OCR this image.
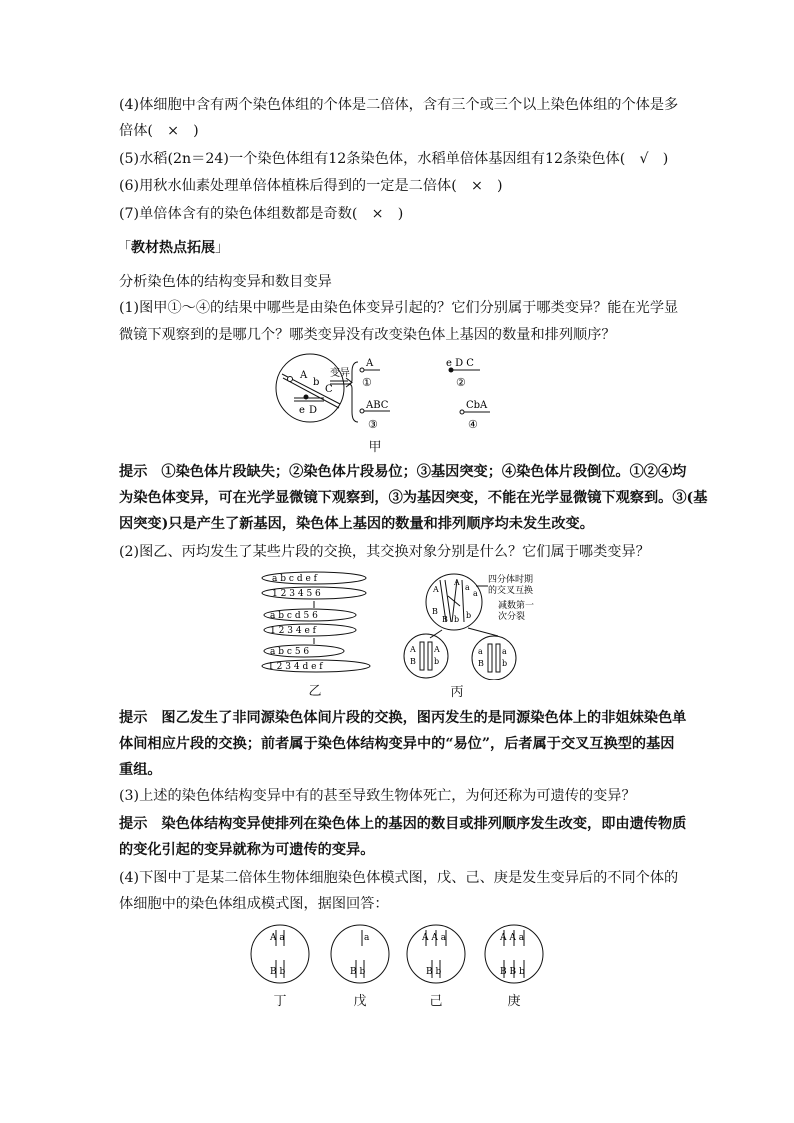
(4)体细胞中含有两个染色体组的个体是二倍体，含有三个或三个以上染色体组的个体是多
倍体(　×　)
(5)水稻(2n＝24)一个染色体组有12条染色体，水稻单倍体基因组有12条染色体(　√　)
(6)用秋水仙素处理单倍体植株后得到的一定是二倍体(　×　)
(7)单倍体含有的染色体组数都是奇数(　×　)
「教材热点拓展」
分析染色体的结构变异和数目变异
(1)图甲①～④的结果中哪些是由染色体变异引起的？它们分别属于哪类变异？能在光学显
微镜下观察到的是哪几个？哪类变异没有改变染色体上基因的数量和排列顺序？
A
b
C
e D
变异
A
①
e D C
②
ABC
③
CbA
④
甲
提示 ①染色体片段缺失；②染色体片段易位；③基因突变；④染色体片段倒位。①②④均
为染色体变异，可在光学显微镜下观察到，③为基因突变，不能在光学显微镜下观察到。③(基
因突变)只是产生了新基因，染色体上基因的数量和排列顺序均未发生改变。
(2)图乙、丙均发生了某些片段的交换，其交换对象分别是什么？它们属于哪类变异？
a b c d e f
1 2 3 4 5 6
a b c d 5 6
1 2 3 4 e f
a b c 5 6
1 2 3 4 d e f
乙
A
A
a
a
B
B b b
四分体时期
的交叉互换
减数第一
次分裂
A
B
A
b
a
B
a
b
丙
提示 图乙发生了非同源染色体间片段的交换，图丙发生的是同源染色体上的非姐妹染色单
体间相应片段的交换；前者属于染色体结构变异中的“易位”，后者属于交叉互换型的基因
重组。
(3)上述的染色体结构变异中有的甚至导致生物体死亡，为何还称为可遗传的变异？
提示 染色体结构变异使排列在染色体上的基因的数目或排列顺序发生改变，即由遗传物质
的变化引起的变异就称为可遗传的变异。
(4)下图中丁是某二倍体生物体细胞染色体模式图，戊、己、庚是发生变异后的不同个体的
体细胞中的染色体组成模式图，据图回答：
A a
B b
a
B b
A A a
B b
A A a
B B b
丁	戊	己	庚
